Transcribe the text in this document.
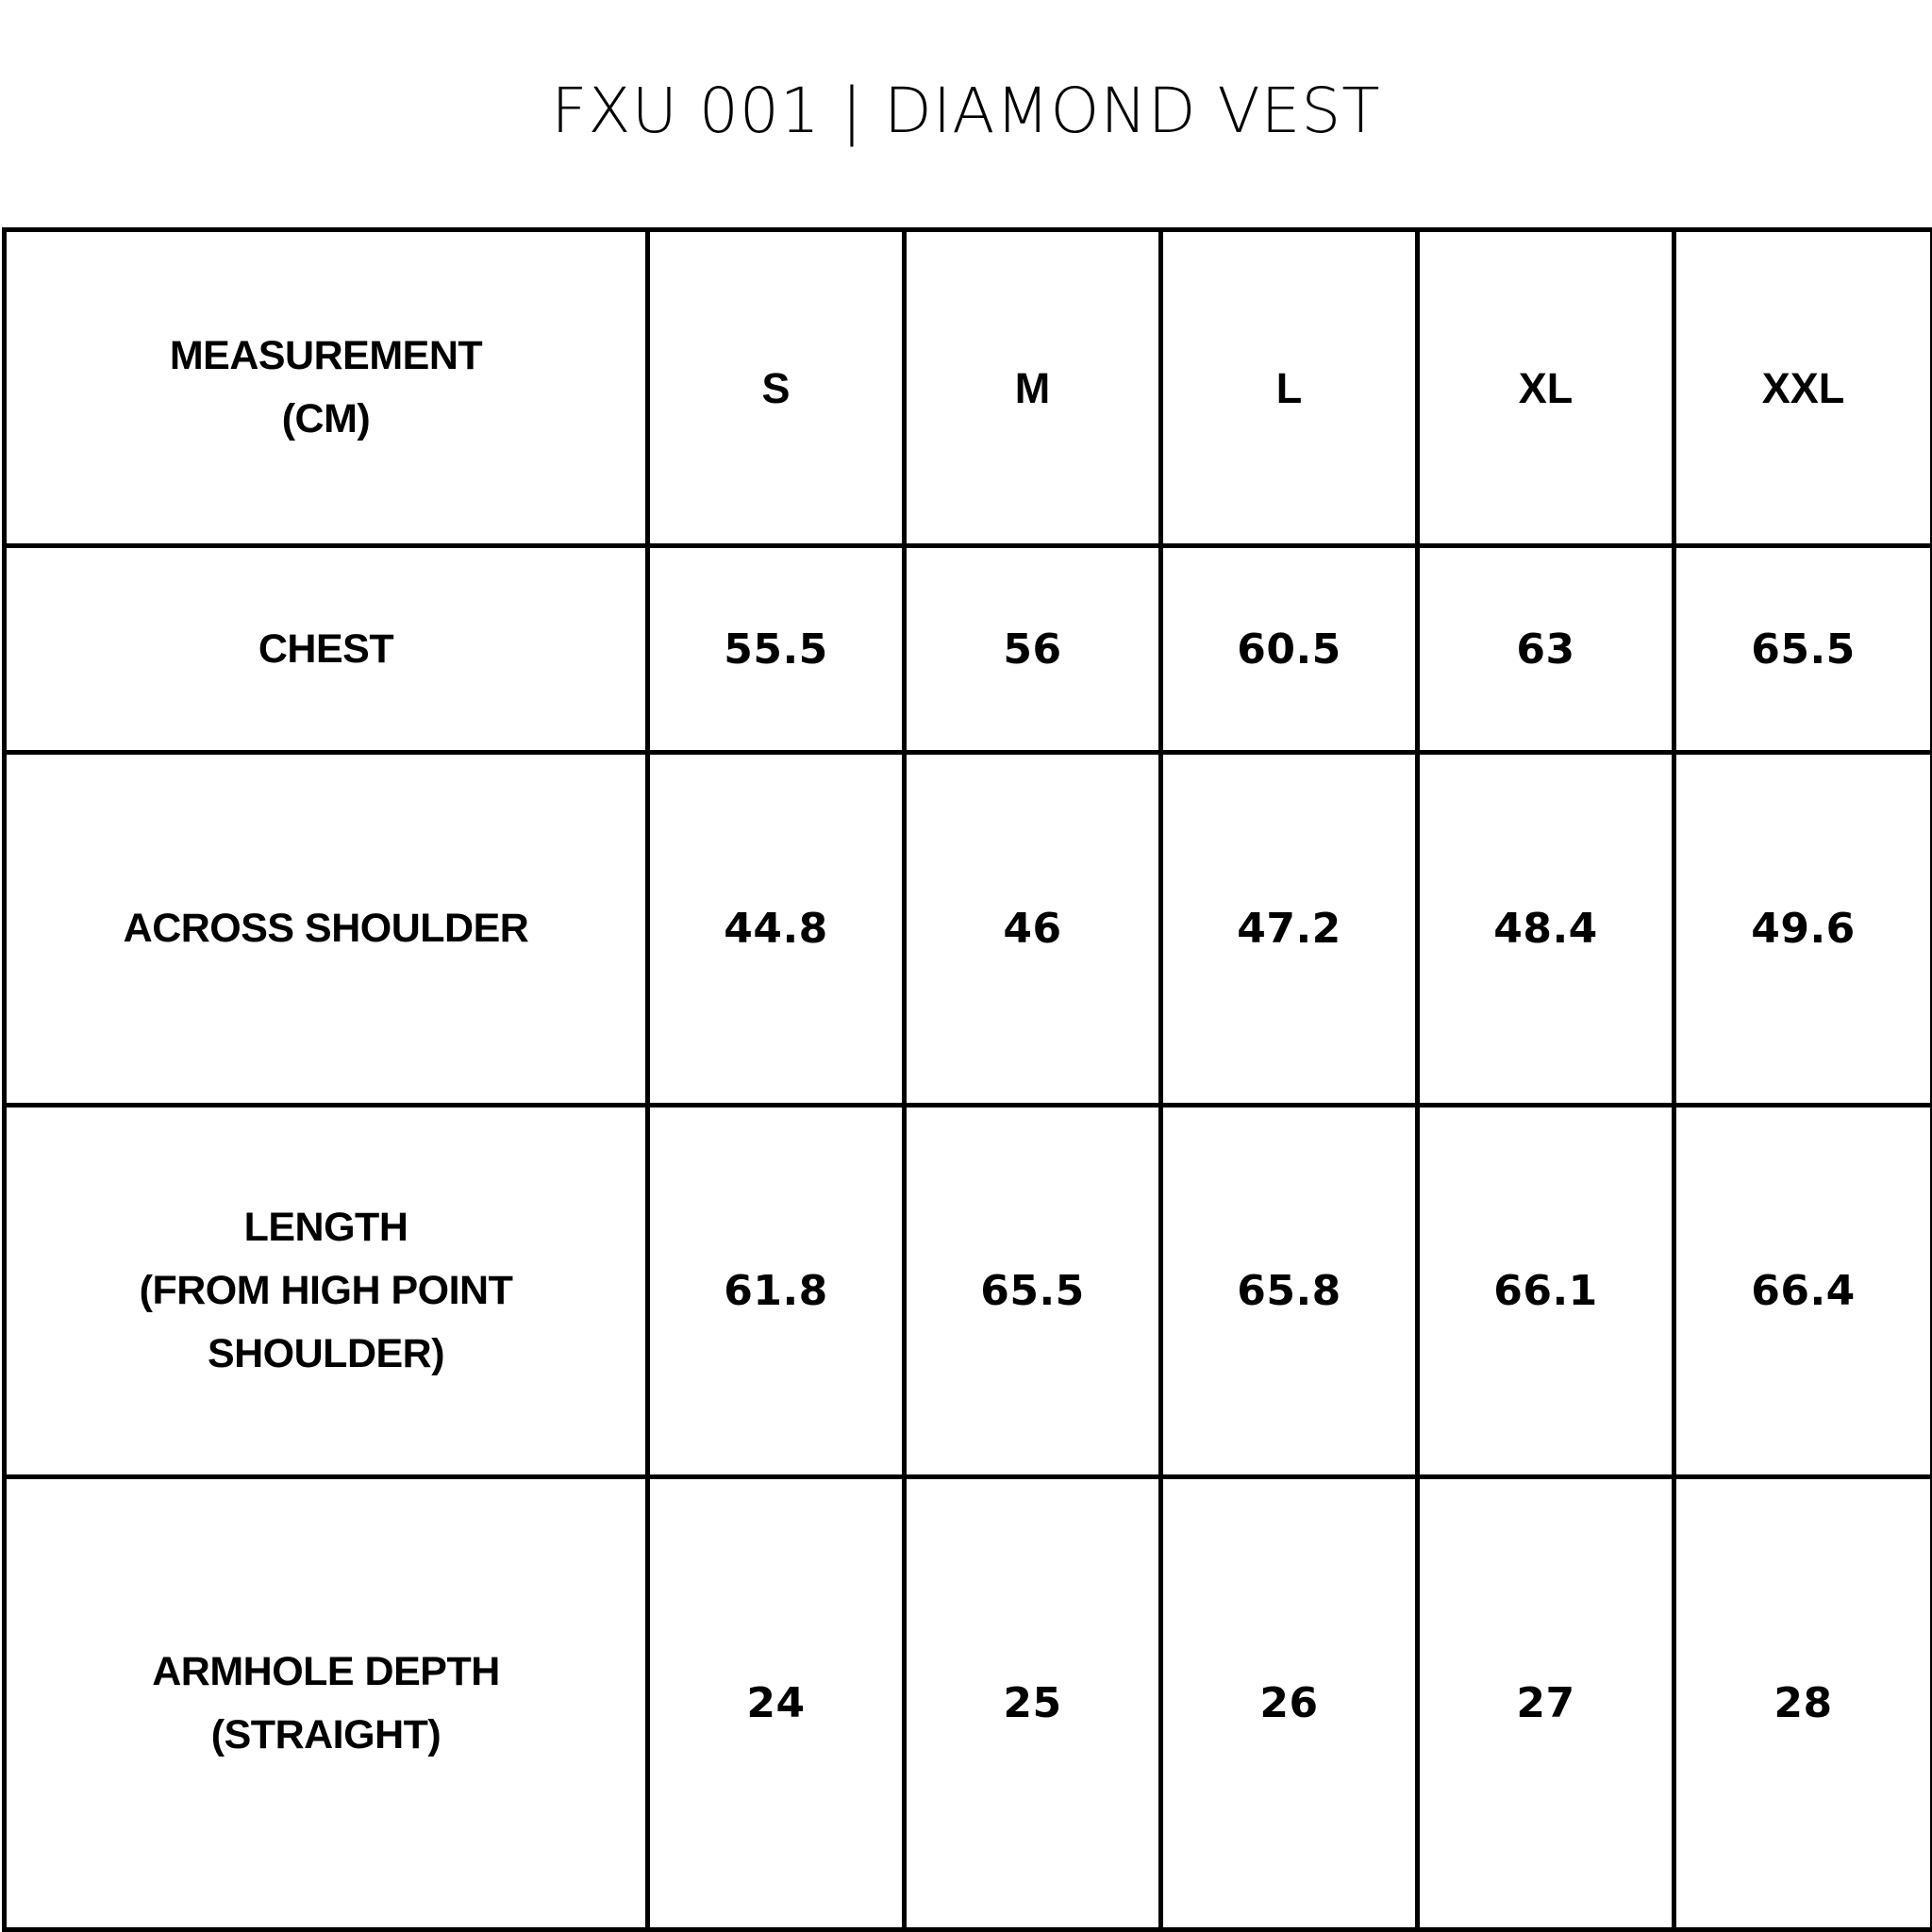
FXU 001 | DIAMOND VEST
MEASUREMENT
(CM)	S	M	L	XL	XXL

CHEST	55.5	56	60.5	63	65.5

ACROSS SHOULDER	44.8	46	47.2	48.4	49.6

LENGTH
(FROM HIGH POINT
SHOULDER)	61.8	65.5	65.8	66.1	66.4

ARMHOLE DEPTH
(STRAIGHT)	24	25	26	27	28
